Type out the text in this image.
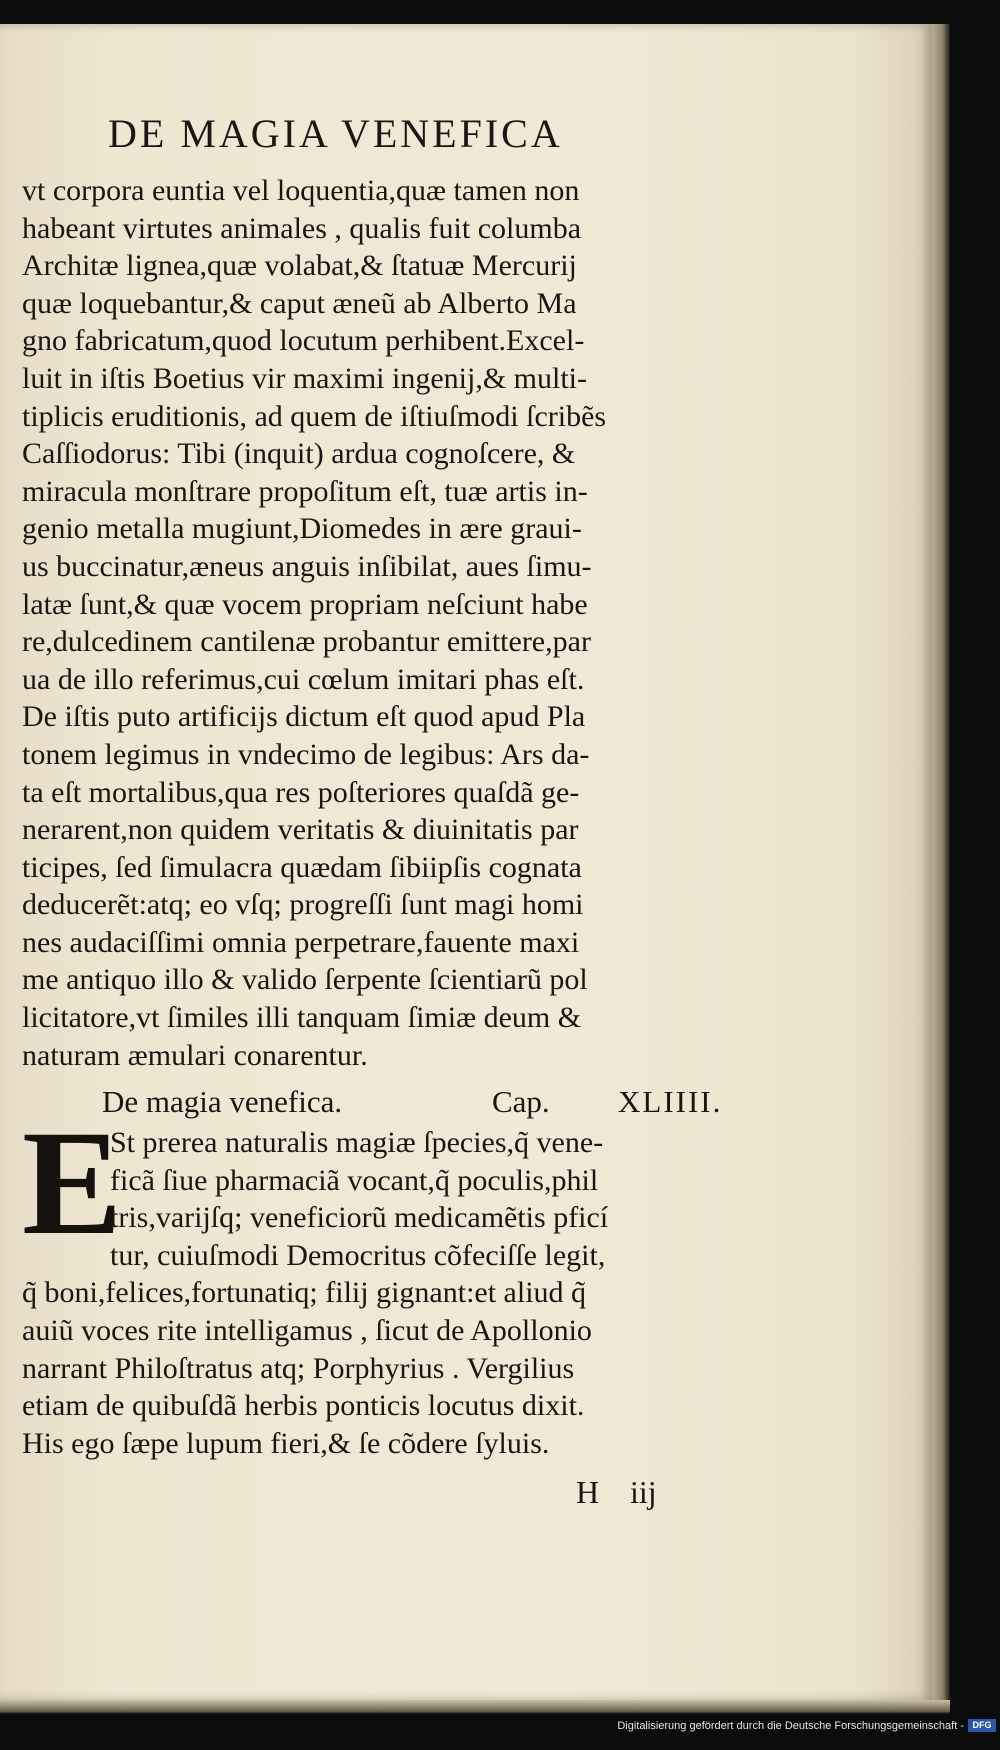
DE MAGIA VENEFICA
vt corpora euntia vel loquentia,quæ tamen non
habeant virtutes animales , qualis fuit columba
Architæ lignea,quæ volabat,& ſtatuæ Mercurij
quæ loquebantur,& caput æneũ ab Alberto Ma
gno fabricatum,quod locutum perhibent.Excel-
luit in iſtis Boetius vir maximi ingenij,& multi-
tiplicis eruditionis, ad quem de iſtiuſmodi ſcribẽs
Caſſiodorus: Tibi (inquit) ardua cognoſcere, &
miracula monſtrare propoſitum eſt, tuæ artis in-
genio metalla mugiunt,Diomedes in ære graui-
us buccinatur,æneus anguis inſibilat, aues ſimu-
latæ ſunt,& quæ vocem propriam neſciunt habe
re,dulcedinem cantilenæ probantur emittere,par
ua de illo referimus,cui cœlum imitari phas eſt.
De iſtis puto artificijs dictum eſt quod apud Pla
tonem legimus in vndecimo de legibus: Ars da-
ta eſt mortalibus,qua res poſteriores quaſdã ge-
nerarent,non quidem veritatis & diuinitatis par
ticipes, ſed ſimulacra quædam ſibiipſis cognata
deducerẽt:atq; eo vſq; progreſſi ſunt magi homi
nes audaciſſimi omnia perpetrare,fauente maxi
me antiquo illo & valido ſerpente ſcientiarũ pol
licitatore,vt ſimiles illi tanquam ſimiæ deum &
naturam æmulari conarentur.
De magia venefica.	Cap. XLIIII.
E
St prerea naturalis magiæ ſpecies,q̃ vene-
ficã ſiue pharmaciã vocant,q̃ poculis,phil
tris,varijſq; veneficiorũ medicamẽtis pficí
tur, cuiuſmodi Democritus cõfeciſſe legit,
q̃ boni,felices,fortunatiq; filij gignant:et aliud q̃
auiũ voces rite intelligamus , ſicut de Apollonio
narrant Philoſtratus atq; Porphyrius . Vergilius
etiam de quibuſdã herbis ponticis locutus dixit.
His ego ſæpe lupum fieri,& ſe cõdere ſyluis.
H iij
Digitalisierung gefördert durch die Deutsche Forschungsgemeinschaft - DFG
